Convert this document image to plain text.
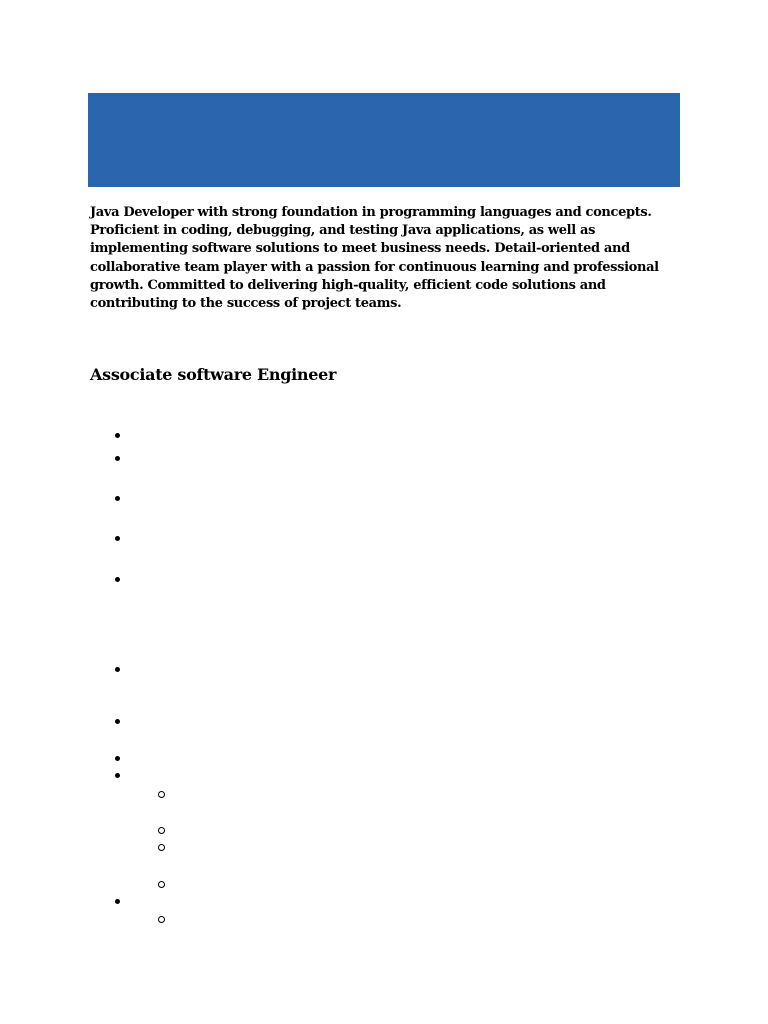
Java Developer with strong foundation in programming languages and concepts. Proficient in coding, debugging, and testing Java applications, as well as implementing software solutions to meet business needs. Detail-oriented and collaborative team player with a passion for continuous learning and professional growth. Committed to delivering high-quality, efficient code solutions and contributing to the success of project teams.

Associate software Engineer
